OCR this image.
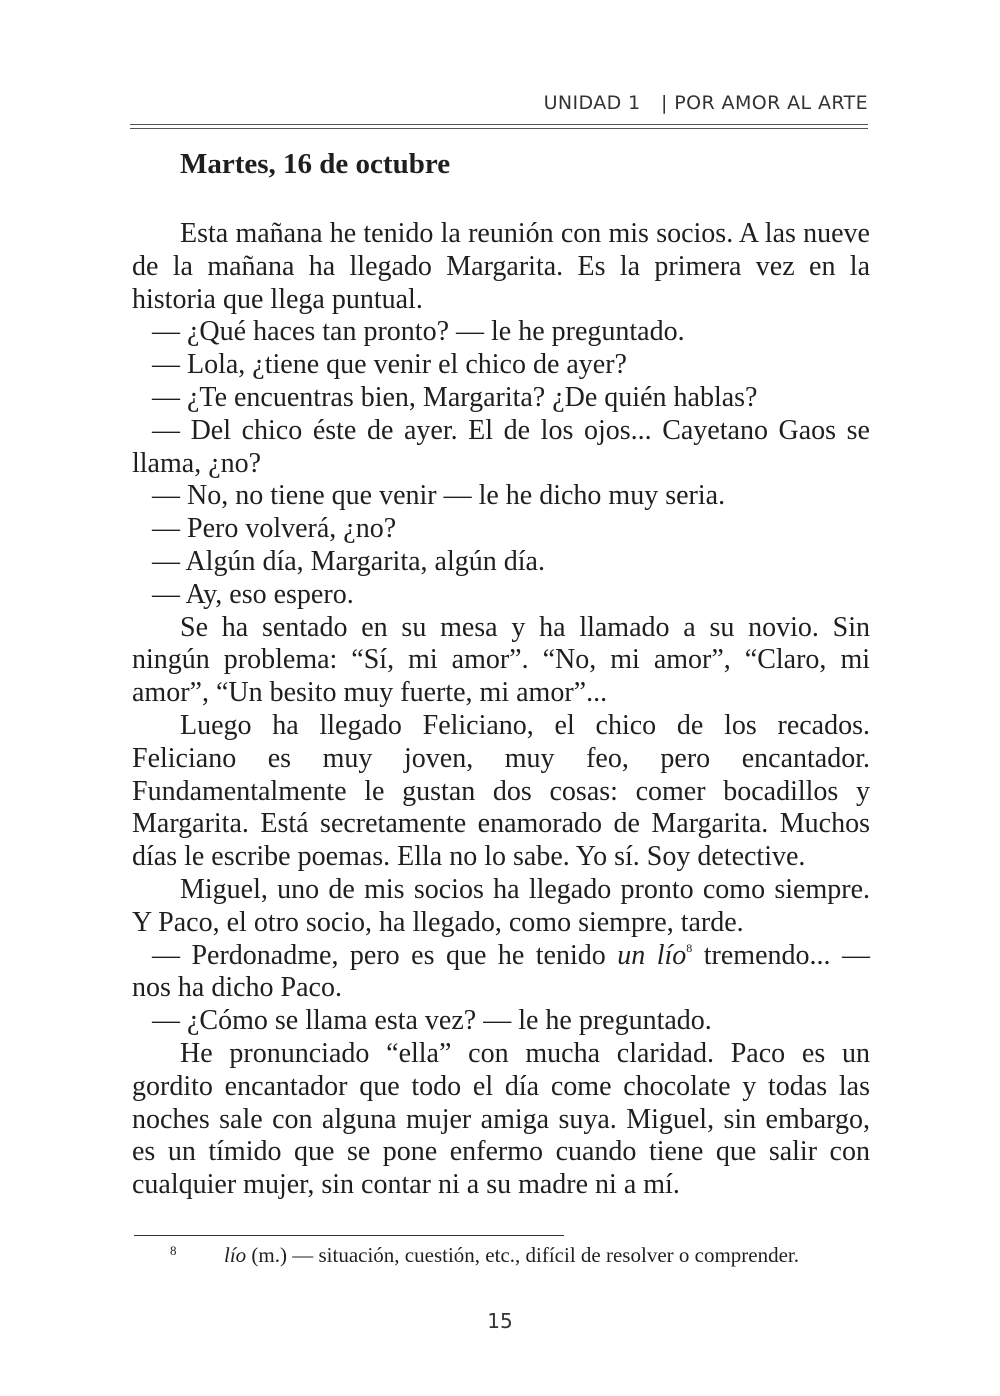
UNIDAD 1 | POR AMOR AL ARTE
Martes, 16 de octubre

Esta mañana he tenido la reunión con mis socios. A las nueve de la mañana ha llegado Margarita. Es la primera vez en la historia que llega puntual.

— ¿Qué haces tan pronto? — le he preguntado.

— Lola, ¿tiene que venir el chico de ayer?

— ¿Te encuentras bien, Margarita? ¿De quién hablas?

— Del chico éste de ayer. El de los ojos... Cayetano Gaos se llama, ¿no?

— No, no tiene que venir — le he dicho muy seria.

— Pero volverá, ¿no?

— Algún día, Margarita, algún día.

— Ay, eso espero.

Se ha sentado en su mesa y ha llamado a su novio. Sin ningún problema: “Sí, mi amor”. “No, mi amor”, “Claro, mi amor”, “Un besito muy fuerte, mi amor”...

Luego ha llegado Feliciano, el chico de los recados. Feliciano es muy joven, muy feo, pero encantador. Fundamentalmente le gustan dos cosas: comer bocadillos y Margarita. Está secretamente enamorado de Margarita. Muchos días le escribe poemas. Ella no lo sabe. Yo sí. Soy detective.

Miguel, uno de mis socios ha llegado pronto como siempre. Y Paco, el otro socio, ha llegado, como siempre, tarde.

— Perdonadme, pero es que he tenido un lío$^8$ tremendo... — nos ha dicho Paco.

— ¿Cómo se llama esta vez? — le he preguntado.

He pronunciado “ella” con mucha claridad. Paco es un gordito encantador que todo el día come chocolate y todas las noches sale con alguna mujer amiga suya. Miguel, sin embargo, es un tímido que se pone enfermo cuando tiene que salir con cualquier mujer, sin contar ni a su madre ni a mí.

8 lío (m.) — situación, cuestión, etc., difícil de resolver o comprender.
15
